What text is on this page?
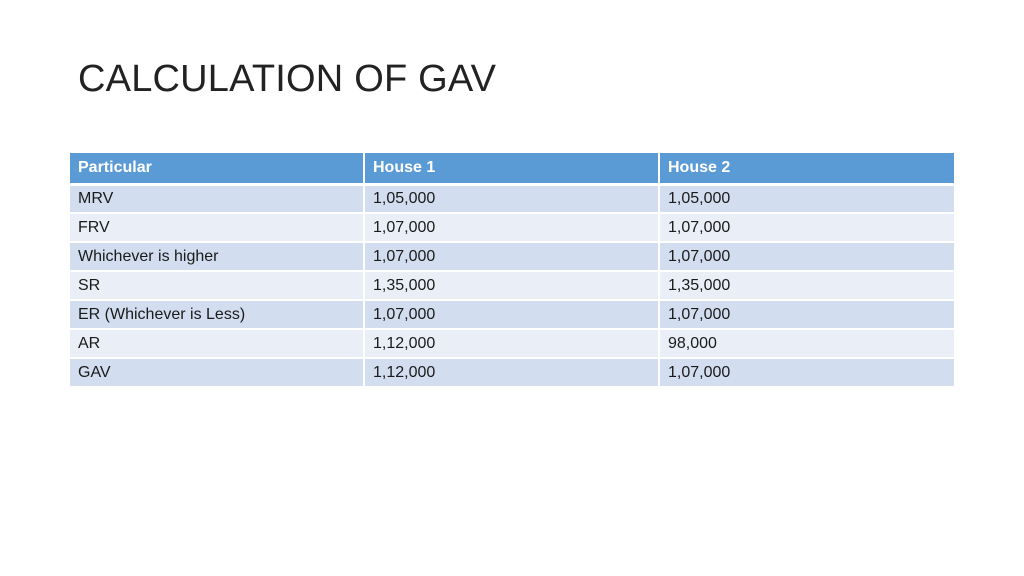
CALCULATION OF GAV
Particular	House 1	House 2
MRV	1,05,000	1,05,000
FRV	1,07,000	1,07,000
Whichever is higher	1,07,000	1,07,000
SR	1,35,000	1,35,000
ER (Whichever is Less)	1,07,000	1,07,000
AR	1,12,000	98,000
GAV	1,12,000	1,07,000
